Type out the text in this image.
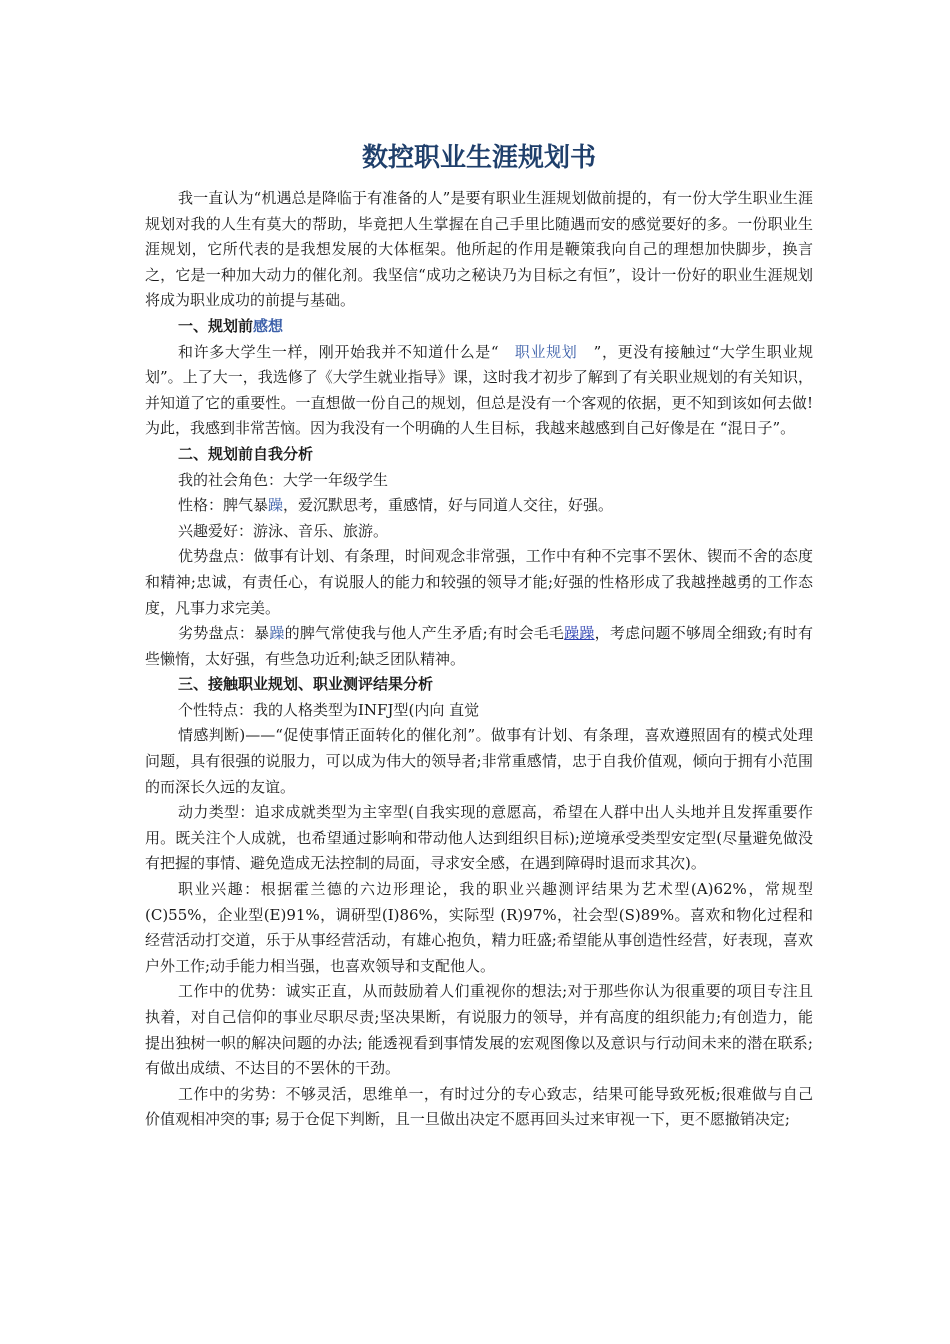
数控职业生涯规划书

我一直认为“机遇总是降临于有准备的人”是要有职业生涯规划做前提的，有一份大学生职业生涯规划对我的人生有莫大的帮助，毕竟把人生掌握在自己手里比随遇而安的感觉要好的多。一份职业生涯规划，它所代表的是我想发展的大体框架。他所起的作用是鞭策我向自己的理想加快脚步，换言之，它是一种加大动力的催化剂。我坚信“成功之秘诀乃为目标之有恒”，设计一份好的职业生涯规划将成为职业成功的前提与基础。

一、规划前感想

和许多大学生一样，刚开始我并不知道什么是“ 职业规划 ”，更没有接触过“大学生职业规划”。上了大一，我选修了《大学生就业指导》课，这时我才初步了解到了有关职业规划的有关知识，并知道了它的重要性。一直想做一份自己的规划，但总是没有一个客观的依据，更不知到该如何去做!为此，我感到非常苦恼。因为我没有一个明确的人生目标，我越来越感到自己好像是在 “混日子”。

二、规划前自我分析

我的社会角色：大学一年级学生

性格：脾气暴躁，爱沉默思考，重感情，好与同道人交往，好强。

兴趣爱好：游泳、音乐、旅游。

优势盘点：做事有计划、有条理，时间观念非常强，工作中有种不完事不罢休、锲而不舍的态度和精神;忠诚，有责任心，有说服人的能力和较强的领导才能;好强的性格形成了我越挫越勇的工作态度，凡事力求完美。

劣势盘点：暴躁的脾气常使我与他人产生矛盾;有时会毛毛躁躁，考虑问题不够周全细致;有时有些懒惰，太好强，有些急功近利;缺乏团队精神。

三、接触职业规划、职业测评结果分析

个性特点：我的人格类型为INFJ型(内向 直觉

情感判断)——“促使事情正面转化的催化剂”。做事有计划、有条理，喜欢遵照固有的模式处理问题，具有很强的说服力，可以成为伟大的领导者;非常重感情，忠于自我价值观，倾向于拥有小范围的而深长久远的友谊。

动力类型：追求成就类型为主宰型(自我实现的意愿高，希望在人群中出人头地并且发挥重要作用。既关注个人成就，也希望通过影响和带动他人达到组织目标);逆境承受类型安定型(尽量避免做没有把握的事情、避免造成无法控制的局面，寻求安全感，在遇到障碍时退而求其次)。

职业兴趣：根据霍兰德的六边形理论，我的职业兴趣测评结果为艺术型(A)62%，常规型(C)55%，企业型(E)91%，调研型(I)86%，实际型 (R)97%，社会型(S)89%。喜欢和物化过程和经营活动打交道，乐于从事经营活动，有雄心抱负，精力旺盛;希望能从事创造性经营，好表现，喜欢户外工作;动手能力相当强，也喜欢领导和支配他人。

工作中的优势：诚实正直，从而鼓励着人们重视你的想法;对于那些你认为很重要的项目专注且执着，对自己信仰的事业尽职尽责;坚决果断，有说服力的领导，并有高度的组织能力;有创造力，能提出独树一帜的解决问题的办法; 能透视看到事情发展的宏观图像以及意识与行动间未来的潜在联系;有做出成绩、不达目的不罢休的干劲。

工作中的劣势：不够灵活，思维单一，有时过分的专心致志，结果可能导致死板;很难做与自己价值观相冲突的事; 易于仓促下判断，且一旦做出决定不愿再回头过来审视一下，更不愿撤销决定;
